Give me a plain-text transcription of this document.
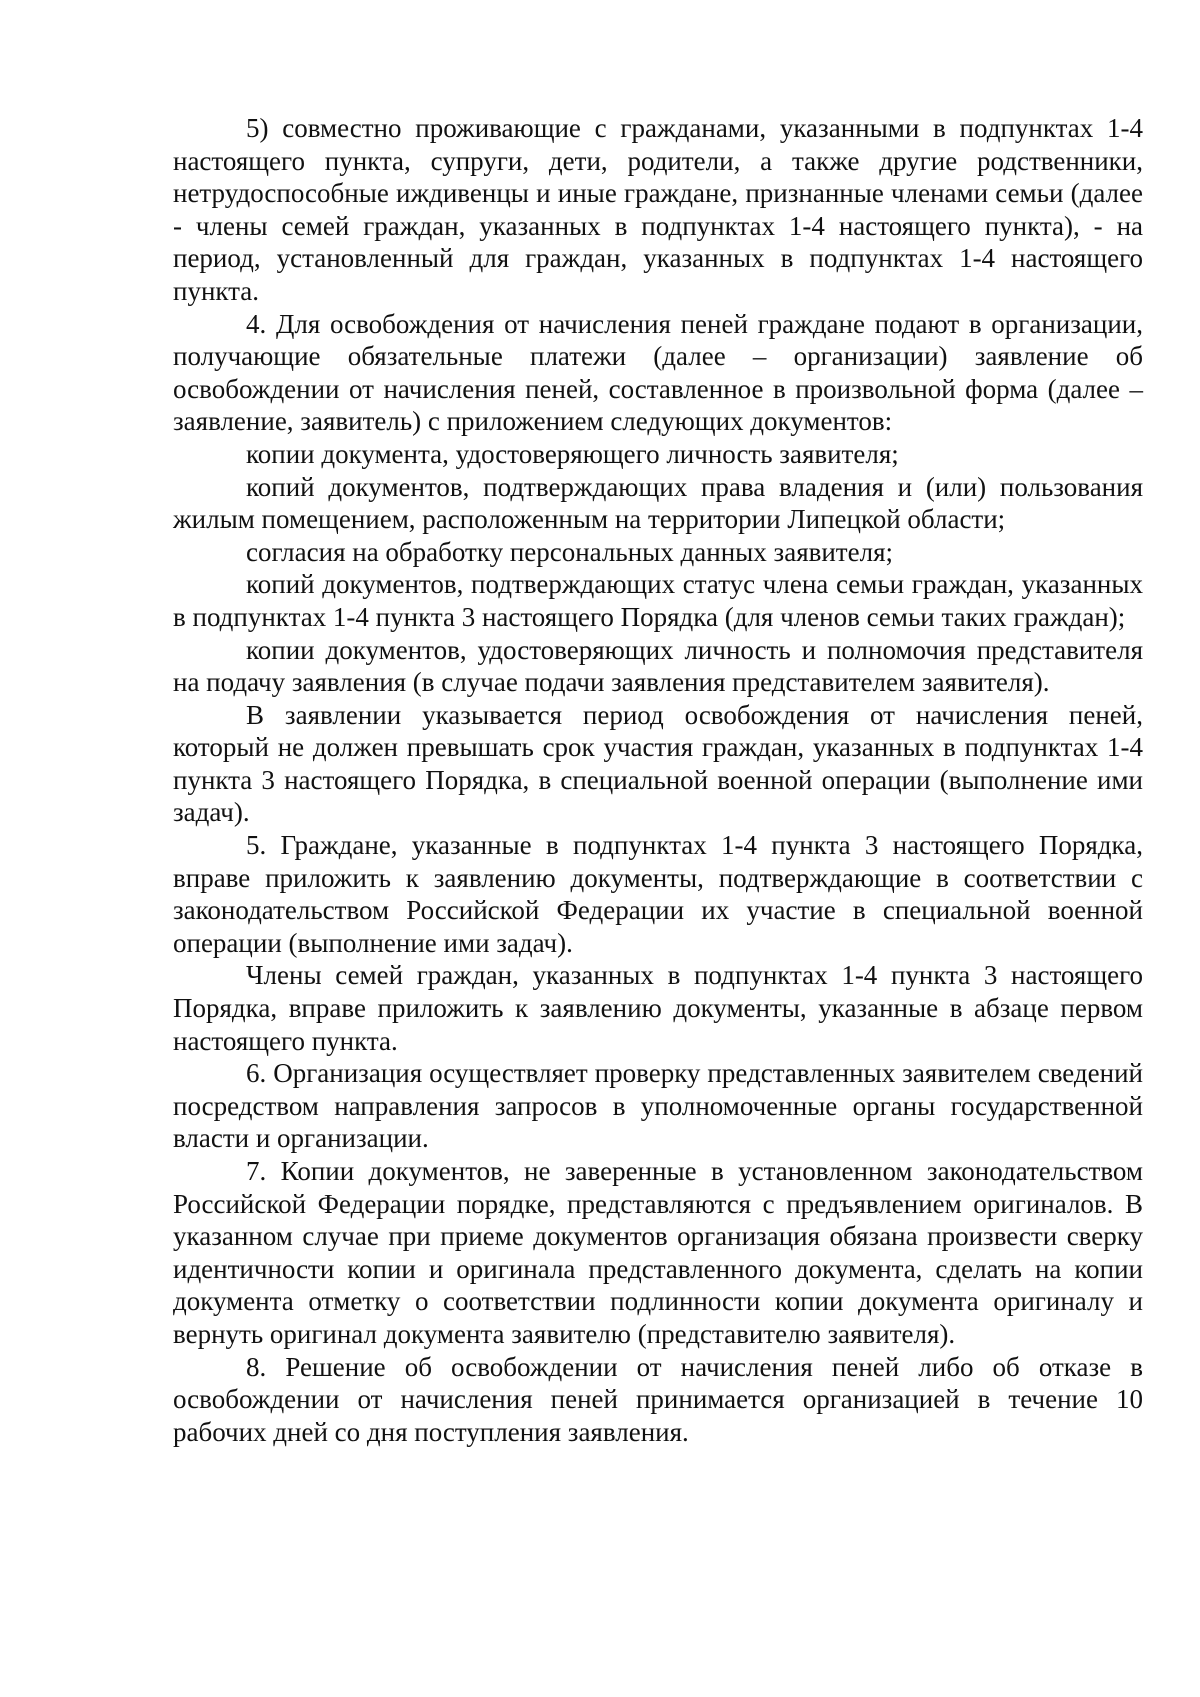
5) совместно проживающие с гражданами, указанными в подпунктах 1-4 настоящего пункта, супруги, дети, родители, а также другие родственники, нетрудоспособные иждивенцы и иные граждане, признанные членами семьи (далее - члены семей граждан, указанных в подпунктах 1-4 настоящего пункта), - на период, установленный для граждан, указанных в подпунктах 1-4 настоящего пункта.

4. Для освобождения от начисления пеней граждане подают в организации, получающие обязательные платежи (далее – организации) заявление об освобождении от начисления пеней, составленное в произвольной форма (далее – заявление, заявитель) с приложением следующих документов:

копии документа, удостоверяющего личность заявителя;

копий документов, подтверждающих права владения и (или) пользования жилым помещением, расположенным на территории Липецкой области;

согласия на обработку персональных данных заявителя;

копий документов, подтверждающих статус члена семьи граждан, указанных в подпунктах 1-4 пункта 3 настоящего Порядка (для членов семьи таких граждан);

копии документов, удостоверяющих личность и полномочия представителя на подачу заявления (в случае подачи заявления представителем заявителя).

В заявлении указывается период освобождения от начисления пеней, который не должен превышать срок участия граждан, указанных в подпунктах 1-4 пункта 3 настоящего Порядка, в специальной военной операции (выполнение ими задач).

5. Граждане, указанные в подпунктах 1-4 пункта 3 настоящего Порядка, вправе приложить к заявлению документы, подтверждающие в соответствии с законодательством Российской Федерации их участие в специальной военной операции (выполнение ими задач).

Члены семей граждан, указанных в подпунктах 1-4 пункта 3 настоящего Порядка, вправе приложить к заявлению документы, указанные в абзаце первом настоящего пункта.

6. Организация осуществляет проверку представленных заявителем сведений посредством направления запросов в уполномоченные органы государственной власти и организации.

7. Копии документов, не заверенные в установленном законодательством Российской Федерации порядке, представляются с предъявлением оригиналов. В указанном случае при приеме документов организация обязана произвести сверку идентичности копии и оригинала представленного документа, сделать на копии документа отметку о соответствии подлинности копии документа оригиналу и вернуть оригинал документа заявителю (представителю заявителя).

8. Решение об освобождении от начисления пеней либо об отказе в освобождении от начисления пеней принимается организацией в течение 10 рабочих дней со дня поступления заявления.
